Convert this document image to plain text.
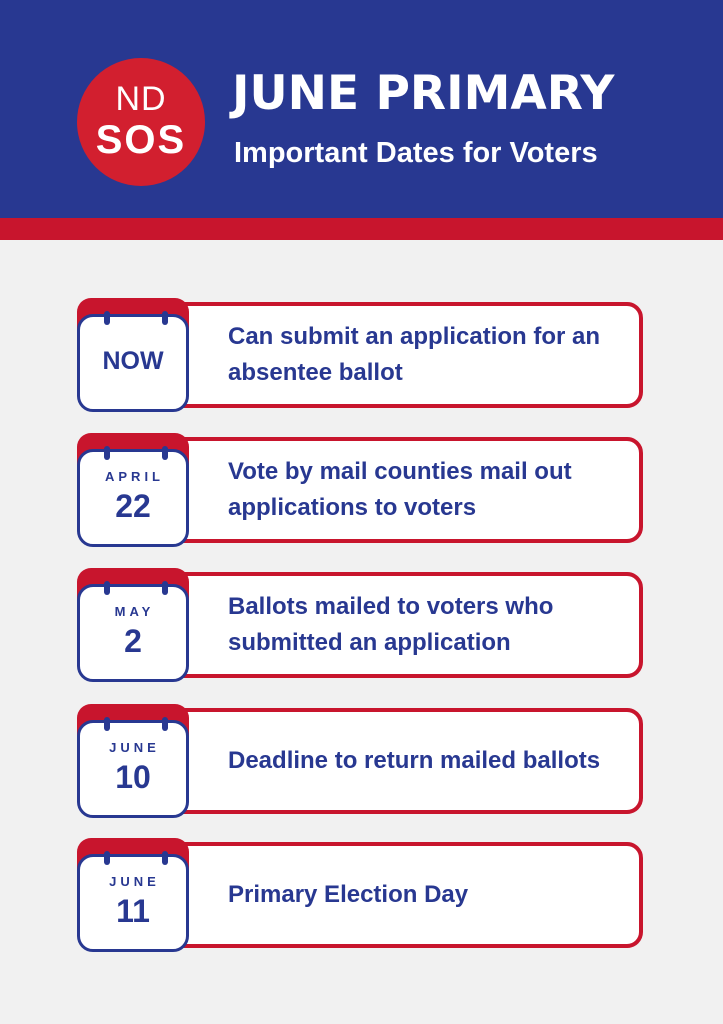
ND
SOS
JUNE PRIMARY
Important Dates for Voters
Can submit an application for an absentee ballot
NOW
Vote by mail counties mail out applications to voters
APRIL
22
Ballots mailed to voters who submitted an application
MAY
2
Deadline to return mailed ballots
JUNE
10
Primary Election Day
JUNE
11
